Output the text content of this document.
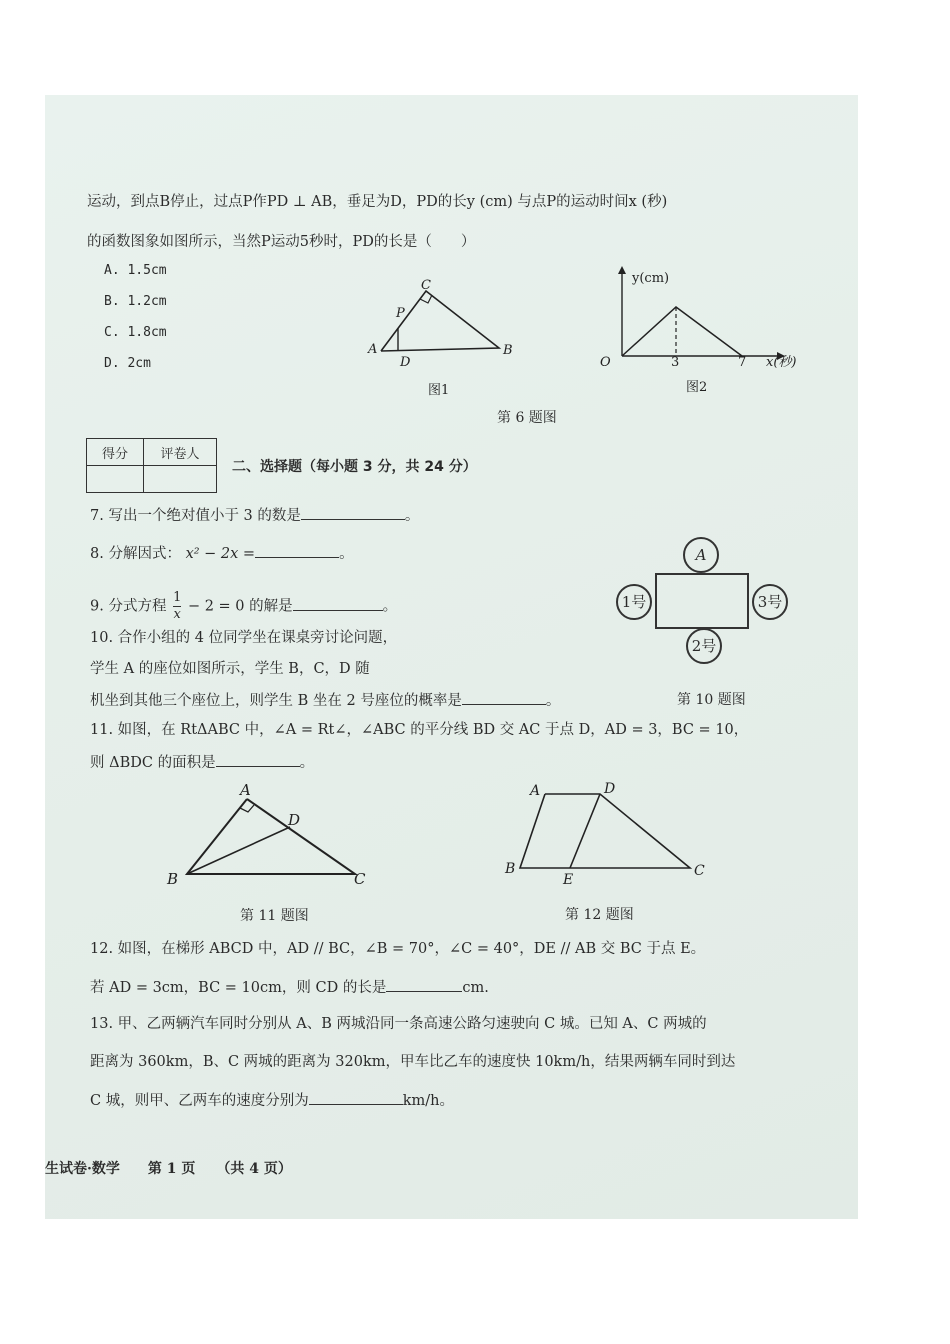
运动，到点B停止，过点P作PD ⊥ AB，垂足为D，PD的长y (cm) 与点P的运动时间x (秒)
的函数图象如图所示，当然P运动5秒时，PD的长是（　　）
A. 1.5cm
B. 1.2cm
C. 1.8cm
D. 2cm
C
P
A
D
B
图1
y(cm)
x(秒)
O	3	7
图2
第 6 题图
得分	评卷人

二、选择题（每小题 3 分，共 24 分）
7. 写出一个绝对值小于 3 的数是	。
8. 分解因式： x² − 2x =	。
9. 分式方程 $\frac{1}{x} - 2 = 0$ 的解是	。
10. 合作小组的 4 位同学坐在课桌旁讨论问题，
学生 A 的座位如图所示，学生 B，C，D 随
机坐到其他三个座位上，则学生 B 坐在 2 号座位的概率是	。
A
1号	3号
2号
第 10 题图
11. 如图，在 RtΔABC 中，∠A = Rt∠，∠ABC 的平分线 BD 交 AC 于点 D，AD = 3，BC = 10，
则 ΔBDC 的面积是	。
A
D
B	C
第 11 题图
A	D
B
E
C
第 12 题图
12. 如图，在梯形 ABCD 中，AD // BC，∠B = 70°，∠C = 40°，DE // AB 交 BC 于点 E。
若 AD = 3cm，BC = 10cm，则 CD 的长是	cm.
13. 甲、乙两辆汽车同时分别从 A、B 两城沿同一条高速公路匀速驶向 C 城。已知 A、C 两城的
距离为 360km，B、C 两城的距离为 320km，甲车比乙车的速度快 10km/h，结果两辆车同时到达
C 城，则甲、乙两车的速度分别为	km/h。
生试卷·数学　　第 1 页　　（共 4 页）
